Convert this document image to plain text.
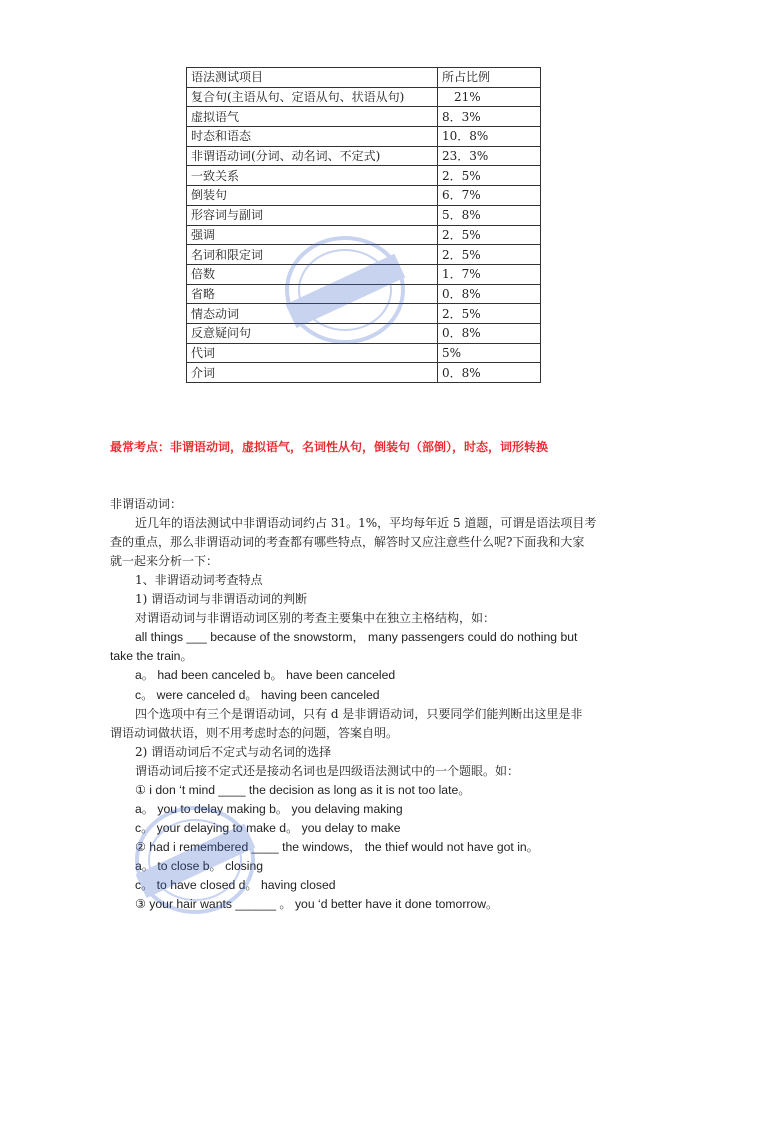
语法测试项目	所占比例
复合句(主语从句、定语从句、状语从句)	　21%
虚拟语气	8．3%
时态和语态	10．8%
非谓语动词(分词、动名词、不定式)	23．3%
一致关系	2．5%
倒装句	6．7%
形容词与副词	5．8%
强调	2．5%
名词和限定词	2．5%
倍数	1．7%
省略	0．8%
情态动词	2．5%
反意疑问句	0．8%
代词	5%
介词	0．8%
最常考点：非谓语动词，虚拟语气，名词性从句，倒装句（部倒），时态，词形转换
非谓语动词：
近几年的语法测试中非谓语动词约占 31。1%，平均每年近 5 道题，可谓是语法项目考
查的重点，那么非谓语动词的考查都有哪些特点，解答时又应注意些什么呢?下面我和大家
就一起来分析一下：
1、非谓语动词考查特点
1) 谓语动词与非谓语动词的判断
对谓语动词与非谓语动词区别的考查主要集中在独立主格结构，如：
all things ___ because of the snowstorm， many passengers could do nothing but
take the train。
a。 had been canceled b。 have been canceled
c。 were canceled d。 having been canceled
四个选项中有三个是谓语动词，只有 d 是非谓语动词，只要同学们能判断出这里是非
谓语动词做状语，则不用考虑时态的问题，答案自明。
2) 谓语动词后不定式与动名词的选择
谓语动词后接不定式还是接动名词也是四级语法测试中的一个题眼。如：
① i don ‘t mind ____ the decision as long as it is not too late。
a。 you to delay making b。 you delaving making
c。 your delaying to make d。 you delay to make
② had i remembered ____ the windows， the thief would not have got in。
a。 to close b。 closing
c。 to have closed d。 having closed
③ your hair wants ______ 。 you ‘d better have it done tomorrow。
